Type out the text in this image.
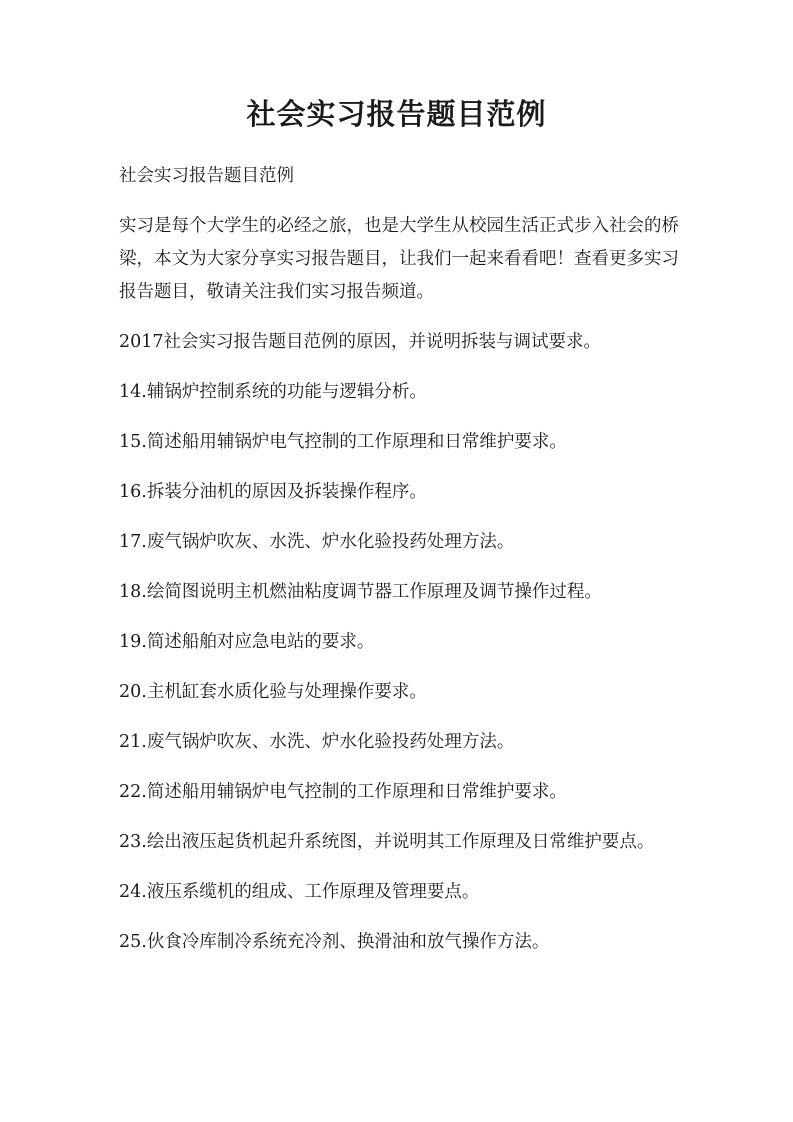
社会实习报告题目范例

社会实习报告题目范例

实习是每个大学生的必经之旅，也是大学生从校园生活正式步入社会的桥梁，本文为大家分享实习报告题目，让我们一起来看看吧！查看更多实习报告题目，敬请关注我们实习报告频道。

2017社会实习报告题目范例的原因，并说明拆装与调试要求。

14.辅锅炉控制系统的功能与逻辑分析。

15.简述船用辅锅炉电气控制的工作原理和日常维护要求。

16.拆装分油机的原因及拆装操作程序。

17.废气锅炉吹灰、水洗、炉水化验投药处理方法。

18.绘简图说明主机燃油粘度调节器工作原理及调节操作过程。

19.简述船舶对应急电站的要求。

20.主机缸套水质化验与处理操作要求。

21.废气锅炉吹灰、水洗、炉水化验投药处理方法。

22.简述船用辅锅炉电气控制的工作原理和日常维护要求。

23.绘出液压起货机起升系统图，并说明其工作原理及日常维护要点。

24.液压系缆机的组成、工作原理及管理要点。

25.伙食冷库制冷系统充冷剂、换滑油和放气操作方法。
